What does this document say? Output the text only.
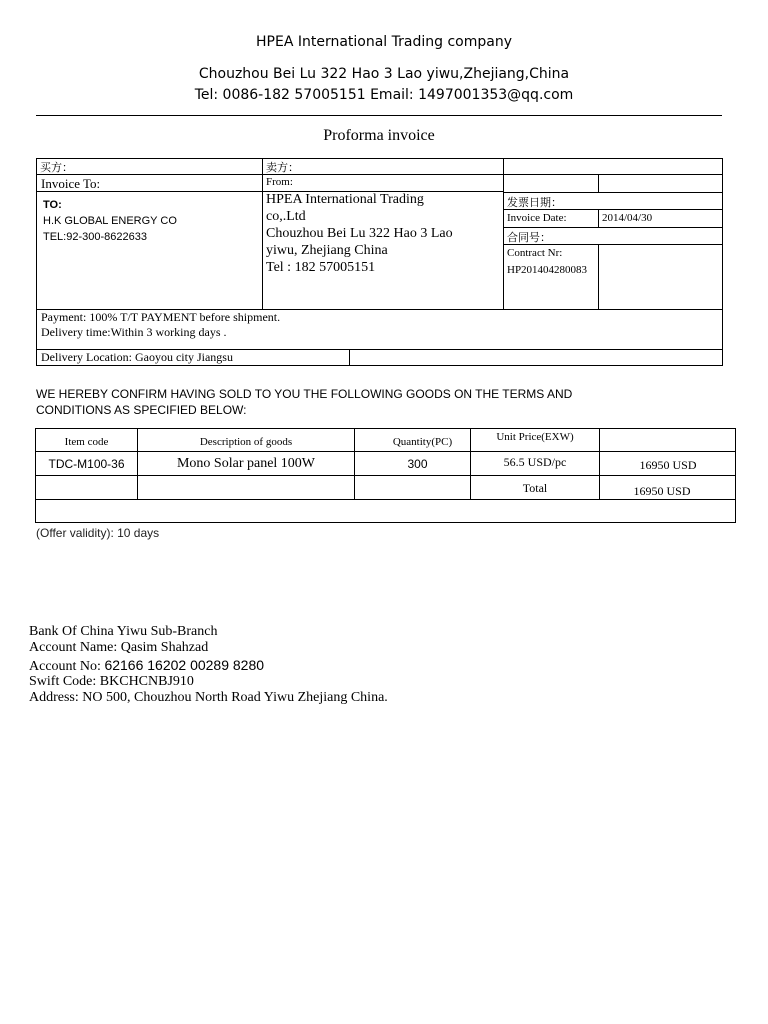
HPEA International Trading company
Chouzhou Bei Lu 322 Hao 3 Lao yiwu,Zhejiang,China
Tel: 0086-182 57005151 Email: 1497001353@qq.com
Proforma invoice
买方：	卖方：
Invoice To:	From:
TO:
H.K GLOBAL ENERGY CO
TEL:92-300-8622633
HPEA International Trading
co,.Ltd
Chouzhou Bei Lu 322 Hao 3 Lao
yiwu, Zhejiang China
Tel : 182 57005151
发票日期：
Invoice Date:	2014/04/30
合同号：
Contract Nr:
HP201404280083
Payment: 100% T/T PAYMENT before shipment.
Delivery time:Within 3 working days .
Delivery Location: Gaoyou city Jiangsu
WE HEREBY CONFIRM HAVING SOLD TO YOU THE FOLLOWING GOODS ON THE TERMS AND
CONDITIONS AS SPECIFIED BELOW:
Item code	Description of goods	Quantity(PC)	Unit Price(EXW)
TDC-M100-36	Mono Solar panel 100W	300	56.5 USD/pc	16950 USD
Total	16950 USD
(Offer validity): 10 days
Bank Of China Yiwu Sub-Branch
Account Name: Qasim Shahzad
Account No: 62166 16202 00289 8280
Swift Code: BKCHCNBJ910
Address: NO 500, Chouzhou North Road Yiwu Zhejiang China.
